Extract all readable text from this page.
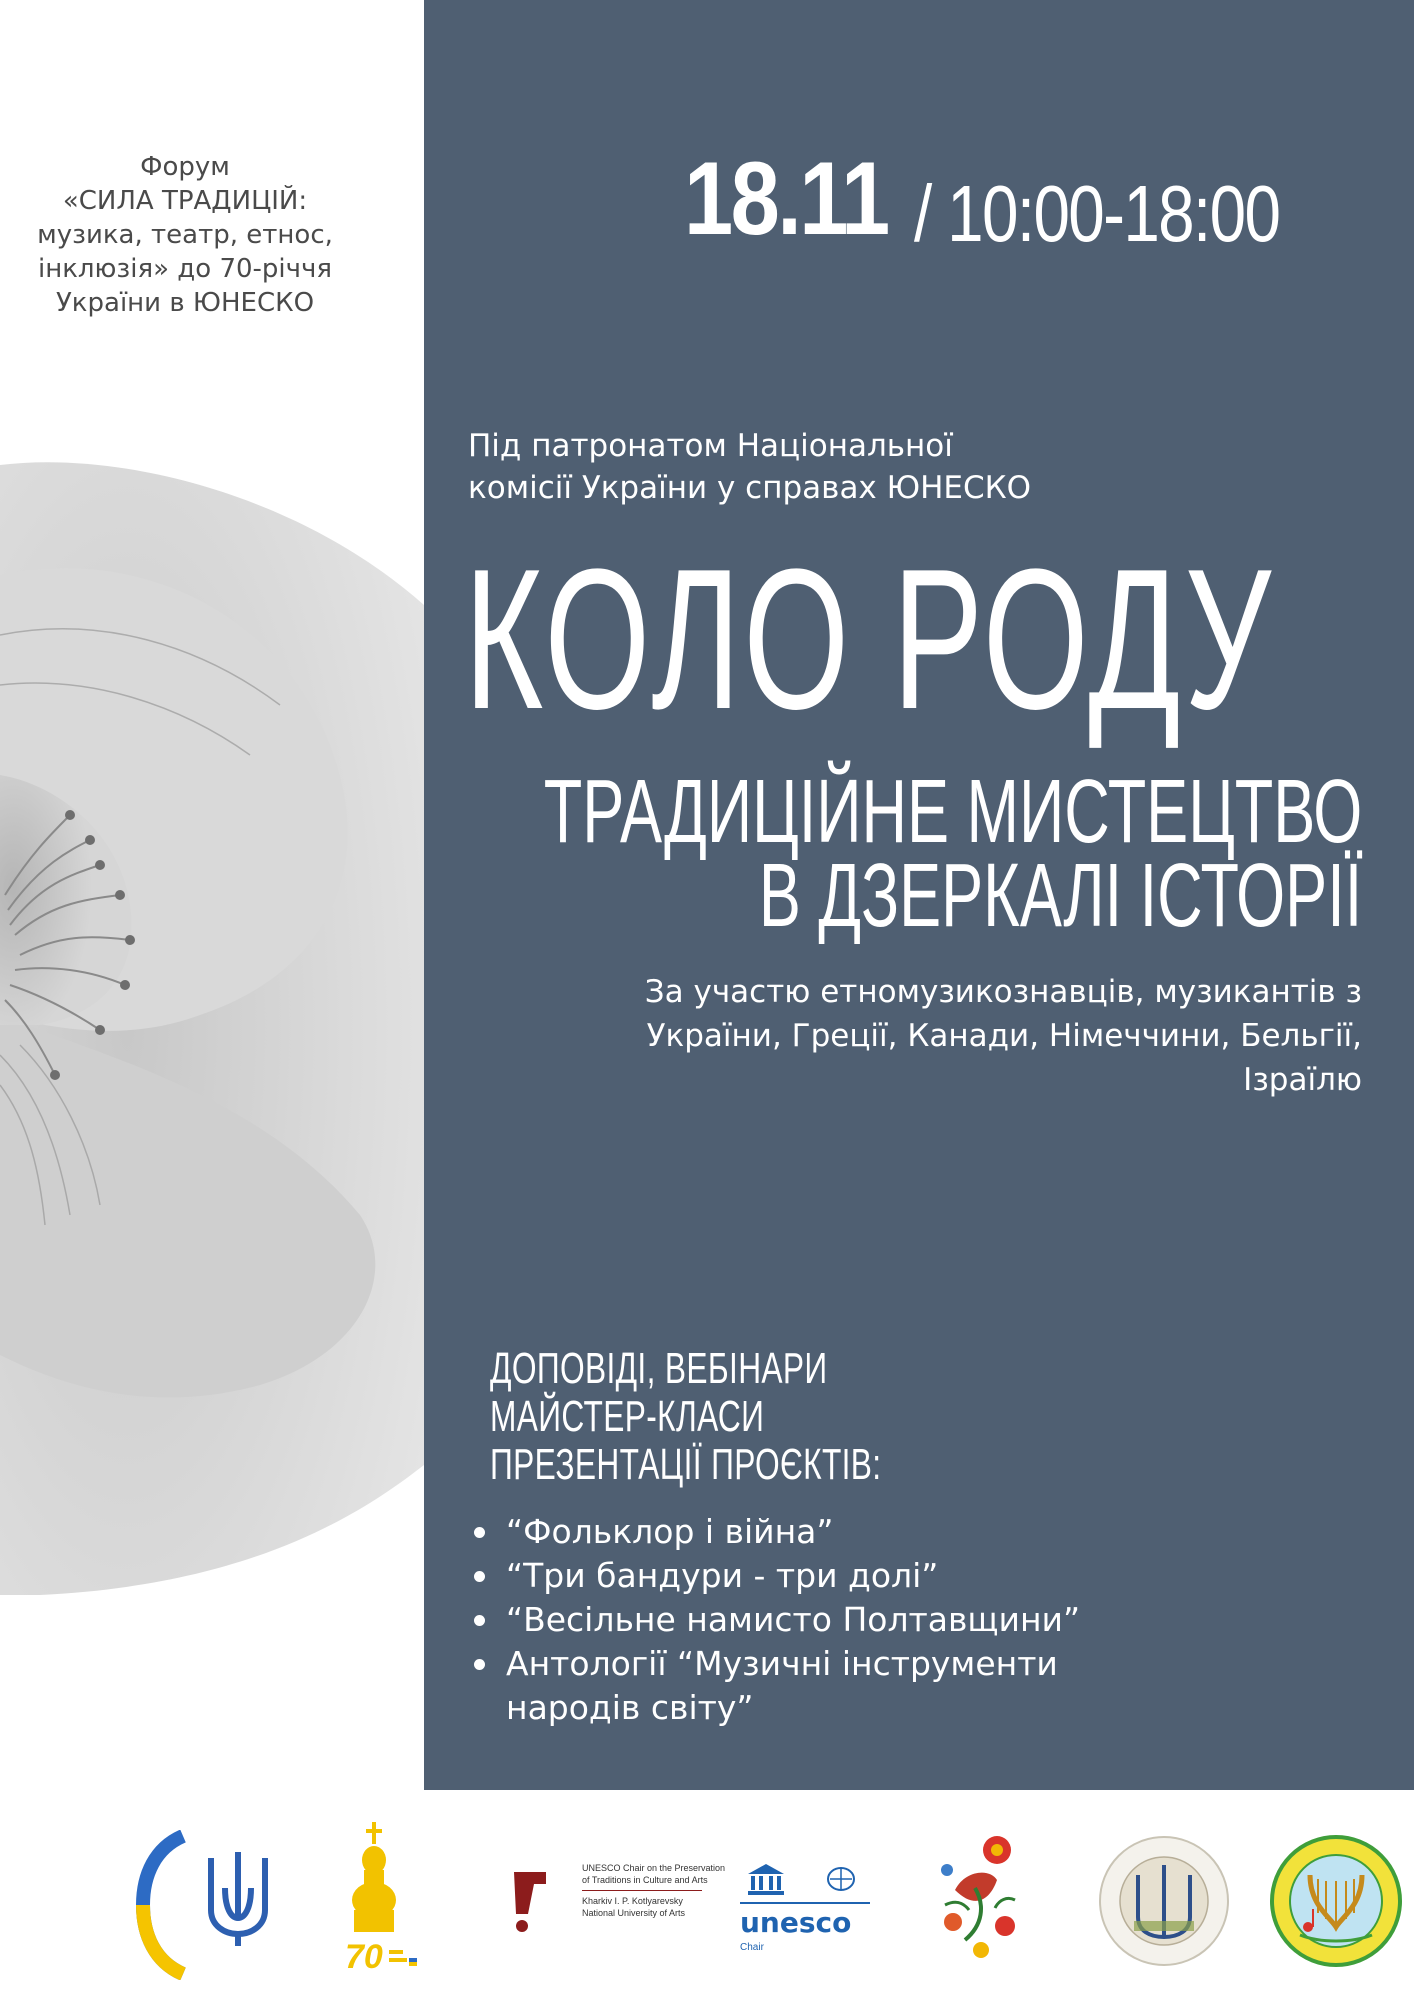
Форум
«СИЛА ТРАДИЦІЙ:
музика, театр, етнос,
інклюзія» до 70-річчя
України в ЮНЕСКО
18.11 / 10:00-18:00
Під патронатом Національної
комісії України у справах ЮНЕСКО
КОЛО РОДУ
ТРАДИЦІЙНЕ МИСТЕЦТВО
В ДЗЕРКАЛІ ІСТОРІЇ
За участю етномузикознавців, музикантів з
України, Греції, Канади, Німеччини, Бельгії,
Ізраїлю
ДОПОВІДІ, ВЕБІНАРИ
МАЙСТЕР-КЛАСИ
ПРЕЗЕНТАЦІЇ ПРОЄКТІВ:
“Фольклор і війна”
“Три бандури - три долі”
“Весільне намисто Полтавщини”
Антології “Музичні інструменти
народів світу”
70
UNESCO Chair on the Preservation
of Traditions in Culture and Arts
Kharkiv I. P. Kotlyarevsky
National University of Arts	unesco
Chair
